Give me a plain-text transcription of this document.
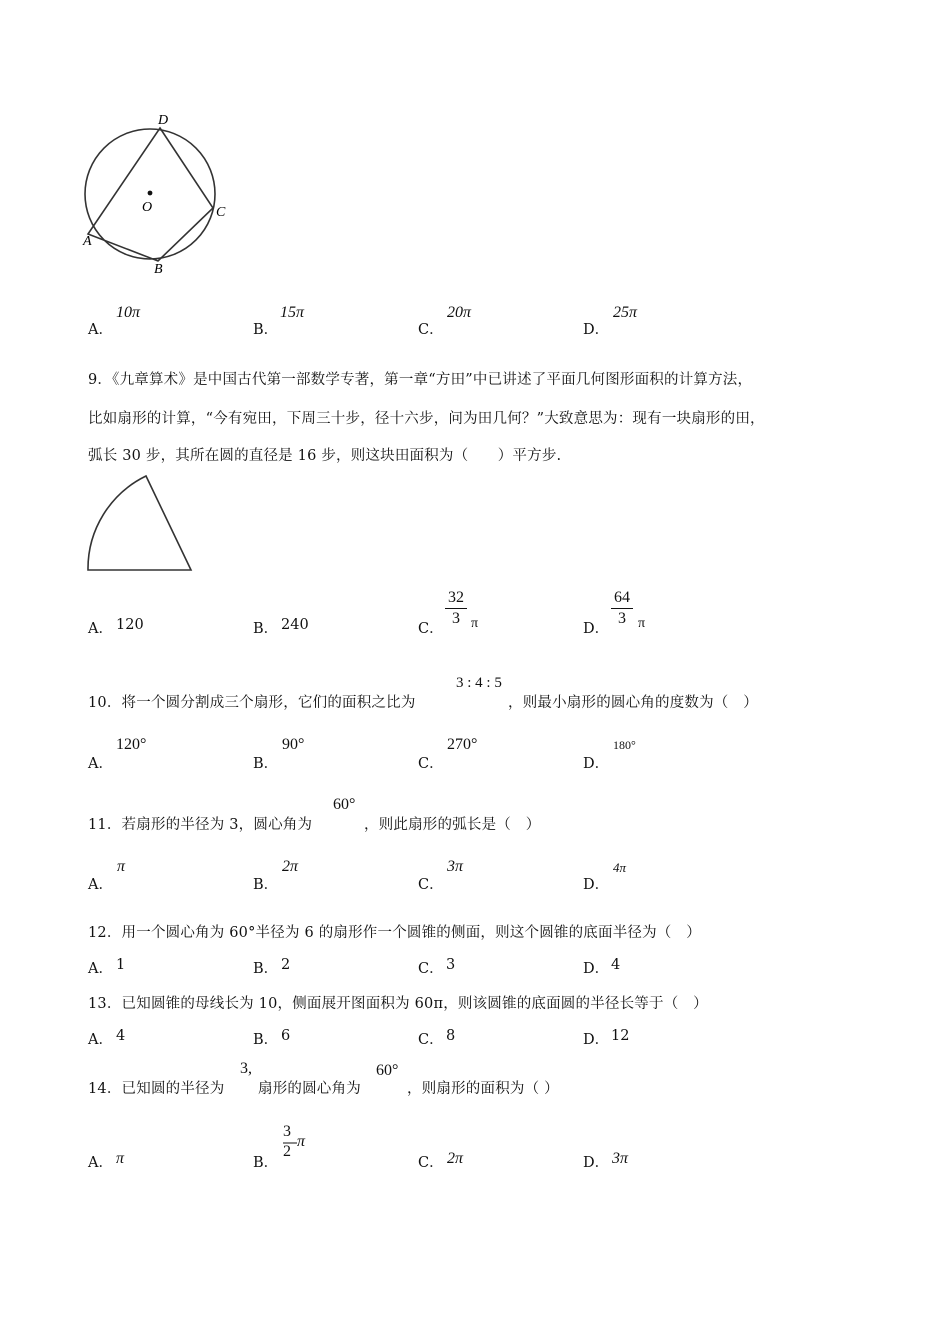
D
O	C
A
B
A．
10π
B．
15π
C．
20π
D．
25π
9．《九章算术》是中国古代第一部数学专著，第一章“方田”中已讲述了平面几何图形面积的计算方法，
比如扇形的计算，“今有宛田，下周三十步，径十六步，问为田几何？”大致意思为：现有一块扇形的田，
弧长 30 步，其所在圆的直径是 16 步，则这块田面积为（　　）平方步.
A． 120	B． 240	C． $\frac{32}{3}$ π	D． $\frac{64}{3}$ π
10．将一个圆分割成三个扇形，它们的面积之比为
3 : 4 : 5
，则最小扇形的圆心角的度数为（　）
A．
120°
B．
90°
C．
270°
D．
180°
11．若扇形的半径为 3，圆心角为
60°
，则此扇形的弧长是（　）
A．
π
B．
2π
C．
3π
D．
4π
12．用一个圆心角为 60°半径为 6 的扇形作一个圆锥的侧面，则这个圆锥的底面半径为（　）
A． 1	B． 2	C． 3	D． 4
13．已知圆锥的母线长为 10，侧面展开图面积为 60π，则该圆锥的底面圆的半径长等于（　）
A． 4	B． 6	C． 8	D． 12
14．已知圆的半径为
3,
扇形的圆心角为
60°
，则扇形的面积为（ ）
A． π	B．
3
2
π
C． 2π	D． 3π
